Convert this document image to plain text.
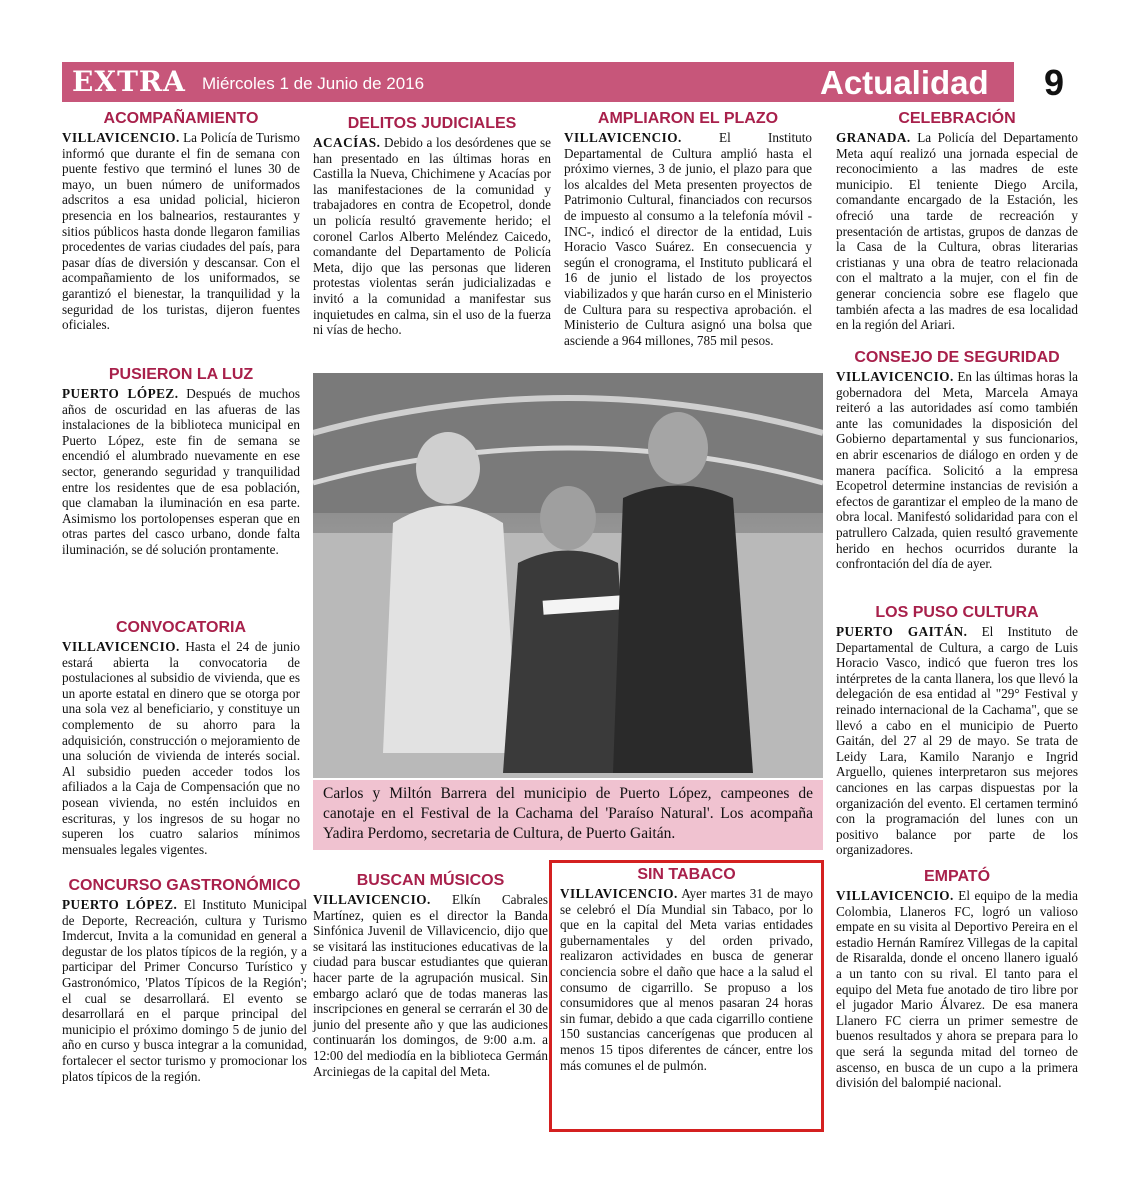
EXTRA Miércoles 1 de Junio de 2016	Actualidad 9
ACOMPAÑAMIENTO

VILLAVICENCIO. La Policía de Turismo informó que durante el fin de semana con puente festivo que terminó el lunes 30 de mayo, un buen número de uniformados adscritos a esa unidad policial, hicieron presencia en los balnearios, restaurantes y sitios públicos hasta donde llegaron familias procedentes de varias ciudades del país, para pasar días de diversión y descansar. Con el acompañamiento de los uniformados, se garantizó el bienestar, la tranquilidad y la seguridad de los turistas, dijeron fuentes oficiales.

PUSIERON LA LUZ

PUERTO LÓPEZ. Después de muchos años de oscuridad en las afueras de las instalaciones de la biblioteca municipal en Puerto López, este fin de semana se encendió el alumbrado nuevamente en ese sector, generando seguridad y tranquilidad entre los residentes que de esa población, que clamaban la iluminación en esa parte. Asimismo los portolopenses esperan que en otras partes del casco urbano, donde falta iluminación, se dé solución prontamente.

CONVOCATORIA

VILLAVICENCIO. Hasta el 24 de junio estará abierta la convocatoria de postulaciones al subsidio de vivienda, que es un aporte estatal en dinero que se otorga por una sola vez al beneficiario, y constituye un complemento de su ahorro para la adquisición, construcción o mejoramiento de una solución de vivienda de interés social. Al subsidio pueden acceder todos los afiliados a la Caja de Compensación que no posean vivienda, no estén incluidos en escrituras, y los ingresos de su hogar no superen los cuatro salarios mínimos mensuales legales vigentes.

CONCURSO GASTRONÓMICO

PUERTO LÓPEZ. El Instituto Municipal de Deporte, Recreación, cultura y Turismo Imdercut, Invita a la comunidad en general a degustar de los platos típicos de la región, y a participar del Primer Concurso Turístico y Gastronómico, 'Platos Típicos de la Región'; el cual se desarrollará. El evento se desarrollará en el parque principal del municipio el próximo domingo 5 de junio del año en curso y busca integrar a la comunidad, fortalecer el sector turismo y promocionar los platos típicos de la región.

DELITOS JUDICIALES

ACACÍAS. Debido a los desórdenes que se han presentado en las últimas horas en Castilla la Nueva, Chichimene y Acacías por las manifestaciones de la comunidad y trabajadores en contra de Ecopetrol, donde un policía resultó gravemente herido; el coronel Carlos Alberto Meléndez Caicedo, comandante del Departamento de Policía Meta, dijo que las personas que lideren protestas violentas serán judicializadas e invitó a la comunidad a manifestar sus inquietudes en calma, sin el uso de la fuerza ni vías de hecho.

AMPLIARON EL PLAZO

VILLAVICENCIO. El Instituto Departamental de Cultura amplió hasta el próximo viernes, 3 de junio, el plazo para que los alcaldes del Meta presenten proyectos de Patrimonio Cultural, financiados con recursos de impuesto al consumo a la telefonía móvil -INC-, indicó el director de la entidad, Luis Horacio Vasco Suárez. En consecuencia y según el cronograma, el Instituto publicará el 16 de junio el listado de los proyectos viabilizados y que harán curso en el Ministerio de Cultura para su respectiva aprobación. el Ministerio de Cultura asignó una bolsa que asciende a 964 millones, 785 mil pesos.

Carlos y Miltón Barrera del municipio de Puerto López, campeones de canotaje en el Festival de la Cachama del 'Paraíso Natural'. Los acompaña Yadira Perdomo, secretaria de Cultura, de Puerto Gaitán.
CELEBRACIÓN

GRANADA. La Policía del Departamento Meta aquí realizó una jornada especial de reconocimiento a las madres de este municipio. El teniente Diego Arcila, comandante encargado de la Estación, les ofreció una tarde de recreación y presentación de artistas, grupos de danzas de la Casa de la Cultura, obras literarias cristianas y una obra de teatro relacionada con el maltrato a la mujer, con el fin de generar conciencia sobre ese flagelo que también afecta a las madres de esa localidad en la región del Ariari.

CONSEJO DE SEGURIDAD

VILLAVICENCIO. En las últimas horas la gobernadora del Meta, Marcela Amaya reiteró a las autoridades así como también ante las comunidades la disposición del Gobierno departamental y sus funcionarios, en abrir escenarios de diálogo en orden y de manera pacífica. Solicitó a la empresa Ecopetrol determine instancias de revisión a efectos de garantizar el empleo de la mano de obra local. Manifestó solidaridad para con el patrullero Calzada, quien resultó gravemente herido en hechos ocurridos durante la confrontación del día de ayer.

LOS PUSO CULTURA

PUERTO GAITÁN. El Instituto de Departamental de Cultura, a cargo de Luis Horacio Vasco, indicó que fueron tres los intérpretes de la canta llanera, los que llevó la delegación de esa entidad al "29° Festival y reinado internacional de la Cachama", que se llevó a cabo en el municipio de Puerto Gaitán, del 27 al 29 de mayo. Se trata de Leidy Lara, Kamilo Naranjo e Ingrid Arguello, quienes interpretaron sus mejores canciones en las carpas dispuestas por la organización del evento. El certamen terminó con la programación del lunes con un positivo balance por parte de los organizadores.

BUSCAN MÚSICOS

VILLAVICENCIO. Elkín Cabrales Martínez, quien es el director la Banda Sinfónica Juvenil de Villavicencio, dijo que se visitará las instituciones educativas de la ciudad para buscar estudiantes que quieran hacer parte de la agrupación musical. Sin embargo aclaró que de todas maneras las inscripciones en general se cerrarán el 30 de junio del presente año y que las audiciones continuarán los domingos, de 9:00 a.m. a 12:00 del mediodía en la biblioteca Germán Arciniegas de la capital del Meta.

SIN TABACO

VILLAVICENCIO. Ayer martes 31 de mayo se celebró el Día Mundial sin Tabaco, por lo que en la capital del Meta varias entidades gubernamentales y del orden privado, realizaron actividades en busca de generar conciencia sobre el daño que hace a la salud el consumo de cigarrillo. Se propuso a los consumidores que al menos pasaran 24 horas sin fumar, debido a que cada cigarrillo contiene 150 sustancias cancerígenas que producen al menos 15 tipos diferentes de cáncer, entre los más comunes el de pulmón.

EMPATÓ

VILLAVICENCIO. El equipo de la media Colombia, Llaneros FC, logró un valioso empate en su visita al Deportivo Pereira en el estadio Hernán Ramírez Villegas de la capital de Risaralda, donde el onceno llanero igualó a un tanto con su rival. El tanto para el equipo del Meta fue anotado de tiro libre por el jugador Mario Álvarez. De esa manera Llanero FC cierra un primer semestre de buenos resultados y ahora se prepara para lo que será la segunda mitad del torneo de ascenso, en busca de un cupo a la primera división del balompié nacional.
